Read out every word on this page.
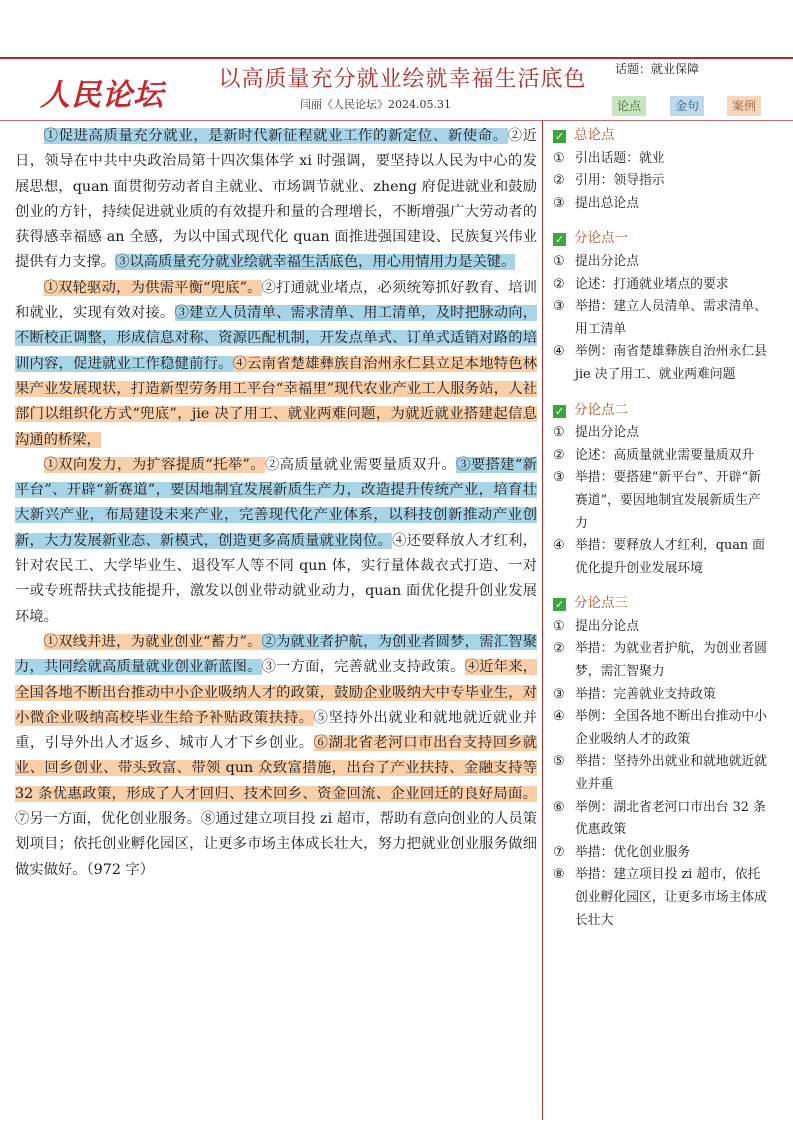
人民论坛	以高质量充分就业绘就幸福生活底色	话题：就业保障
闫丽《人民论坛》2024.05.31	论点	金句	案例

①促进高质量充分就业，是新时代新征程就业工作的新定位、新使命。②近日，领导在中共中央政治局第十四次集体学 xi 时强调，要坚持以人民为中心的发展思想，quan 面贯彻劳动者自主就业、市场调节就业、zheng 府促进就业和鼓励创业的方针，持续促进就业质的有效提升和量的合理增长，不断增强广大劳动者的获得感幸福感 an 全感，为以中国式现代化 quan 面推进强国建设、民族复兴伟业提供有力支撑。③以高质量充分就业绘就幸福生活底色，用心用情用力是关键。

①双轮驱动，为供需平衡“兜底”。②打通就业堵点，必须统筹抓好教育、培训和就业，实现有效对接。③建立人员清单、需求清单、用工清单，及时把脉动向，不断校正调整，形成信息对称、资源匹配机制，开发点单式、订单式适销对路的培训内容，促进就业工作稳健前行。④云南省楚雄彝族自治州永仁县立足本地特色林果产业发展现状，打造新型劳务用工平台“幸福里”现代农业产业工人服务站，人社部门以组织化方式“兜底”，jie 决了用工、就业两难问题，为就近就业搭建起信息沟通的桥梁，

①双向发力，为扩容提质“托举”。②高质量就业需要量质双升。③要搭建“新平台”、开辟“新赛道”，要因地制宜发展新质生产力，改造提升传统产业，培育壮大新兴产业，布局建设未来产业，完善现代化产业体系，以科技创新推动产业创新，大力发展新业态、新模式，创造更多高质量就业岗位。④还要释放人才红利，针对农民工、大学毕业生、退役军人等不同 qun 体，实行量体裁衣式打造、一对一或专班帮扶式技能提升，激发以创业带动就业动力，quan 面优化提升创业发展环境。

①双线并进，为就业创业“蓄力”。②为就业者护航，为创业者圆梦，需汇智聚力，共同绘就高质量就业创业新蓝图。③一方面，完善就业支持政策。④近年来，全国各地不断出台推动中小企业吸纳人才的政策，鼓励企业吸纳大中专毕业生，对小微企业吸纳高校毕业生给予补贴政策扶持。⑤坚持外出就业和就地就近就业并重，引导外出人才返乡、城市人才下乡创业。⑥湖北省老河口市出台支持回乡就业、回乡创业、带头致富、带领 qun 众致富措施，出台了产业扶持、金融支持等 32 条优惠政策，形成了人才回归、技术回乡、资金回流、企业回迁的良好局面。⑦另一方面，优化创业服务。⑧通过建立项目投 zi 超市，帮助有意向创业的人员策划项目；依托创业孵化园区，让更多市场主体成长壮大，努力把就业创业服务做细做实做好。（972 字）

✓ 总论点
① 引出话题：就业
② 引用：领导指示
③ 提出总论点
✓ 分论点一
① 提出分论点
② 论述：打通就业堵点的要求
③ 举措：建立人员清单、需求清单、用工清单
④ 举例：南省楚雄彝族自治州永仁县 jie 决了用工、就业两难问题
✓ 分论点二
① 提出分论点
② 论述：高质量就业需要量质双升
③ 举措：要搭建“新平台”、开辟“新赛道”，要因地制宜发展新质生产力
④ 举措：要释放人才红利，quan 面优化提升创业发展环境
✓ 分论点三
① 提出分论点
② 举措：为就业者护航，为创业者圆梦，需汇智聚力
③ 举措：完善就业支持政策
④ 举例：全国各地不断出台推动中小企业吸纳人才的政策
⑤ 举措：坚持外出就业和就地就近就业并重
⑥ 举例：湖北省老河口市出台 32 条优惠政策
⑦ 举措：优化创业服务
⑧ 举措：建立项目投 zi 超市，依托创业孵化园区，让更多市场主体成长壮大
